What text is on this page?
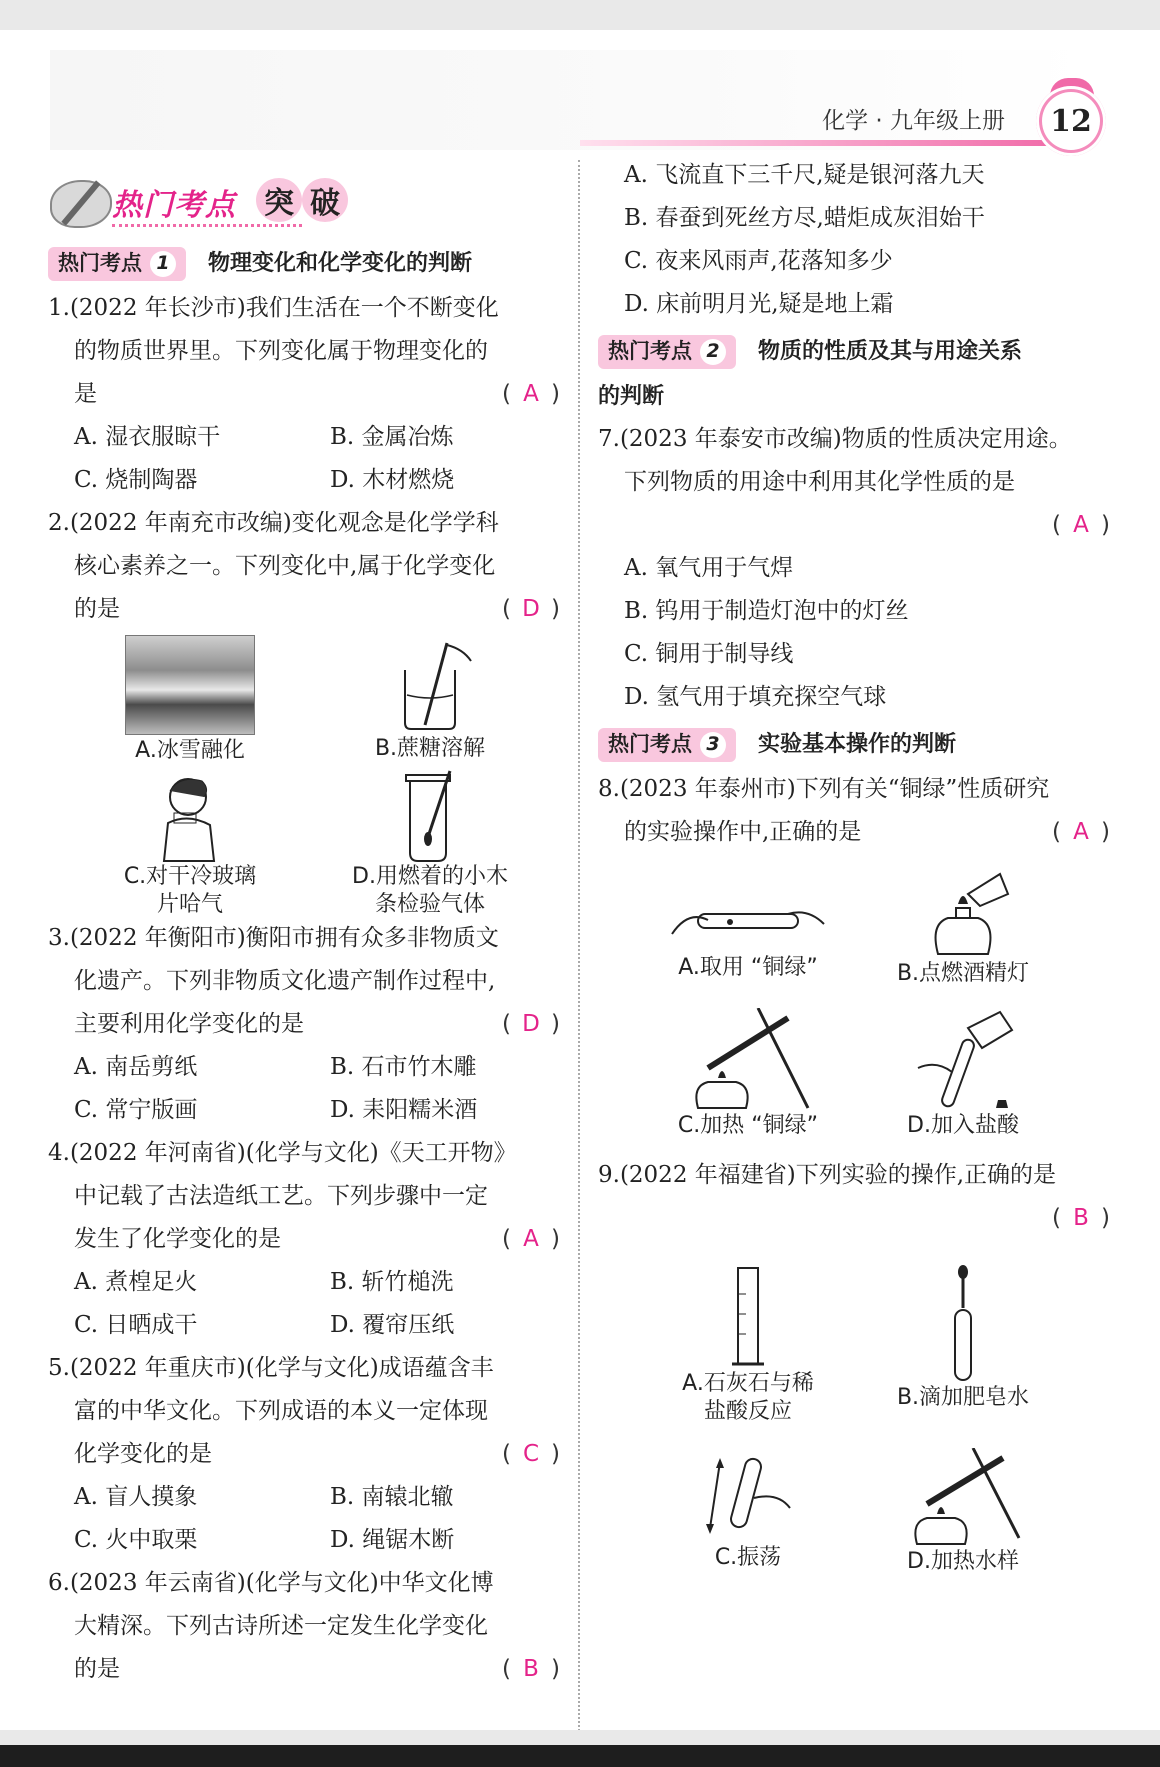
化学 · 九年级上册 12
热门考点 突 破
热门考点 1 物理变化和化学变化的判断
1.(2022 年长沙市)我们生活在一个不断变化
的物质世界里。下列变化属于物理变化的
是	( A )
A. 湿衣服晾干	B. 金属冶炼
C. 烧制陶器	D. 木材燃烧
2.(2022 年南充市改编)变化观念是化学学科
核心素养之一。下列变化中,属于化学变化
的是	( D )
A.冰雪融化	B.蔗糖溶解
C.对干冷玻璃
片哈气
D.用燃着的小木
条检验气体
3.(2022 年衡阳市)衡阳市拥有众多非物质文
化遗产。下列非物质文化遗产制作过程中,
主要利用化学变化的是	( D )
A. 南岳剪纸	B. 石市竹木雕
C. 常宁版画	D. 耒阳糯米酒
4.(2022 年河南省)(化学与文化)《天工开物》
中记载了古法造纸工艺。下列步骤中一定
发生了化学变化的是	( A )
A. 煮楻足火	B. 斩竹槌洗
C. 日晒成干	D. 覆帘压纸
5.(2022 年重庆市)(化学与文化)成语蕴含丰
富的中华文化。下列成语的本义一定体现
化学变化的是	( C )
A. 盲人摸象	B. 南辕北辙
C. 火中取栗	D. 绳锯木断
6.(2023 年云南省)(化学与文化)中华文化博
大精深。下列古诗所述一定发生化学变化
的是	( B )
A. 飞流直下三千尺,疑是银河落九天
B. 春蚕到死丝方尽,蜡炬成灰泪始干
C. 夜来风雨声,花落知多少
D. 床前明月光,疑是地上霜
热门考点 2 物质的性质及其与用途关系
的判断
7.(2023 年泰安市改编)物质的性质决定用途。
下列物质的用途中利用其化学性质的是
( A )
A. 氧气用于气焊
B. 钨用于制造灯泡中的灯丝
C. 铜用于制导线
D. 氢气用于填充探空气球
热门考点 3 实验基本操作的判断
8.(2023 年泰州市)下列有关“铜绿”性质研究
的实验操作中,正确的是	( A )
A.取用 “铜绿”	B.点燃酒精灯
C.加热 “铜绿”	D.加入盐酸
9.(2022 年福建省)下列实验的操作,正确的是
( B )
A.石灰石与稀
盐酸反应
B.滴加肥皂水
C.振荡	D.加热水样
